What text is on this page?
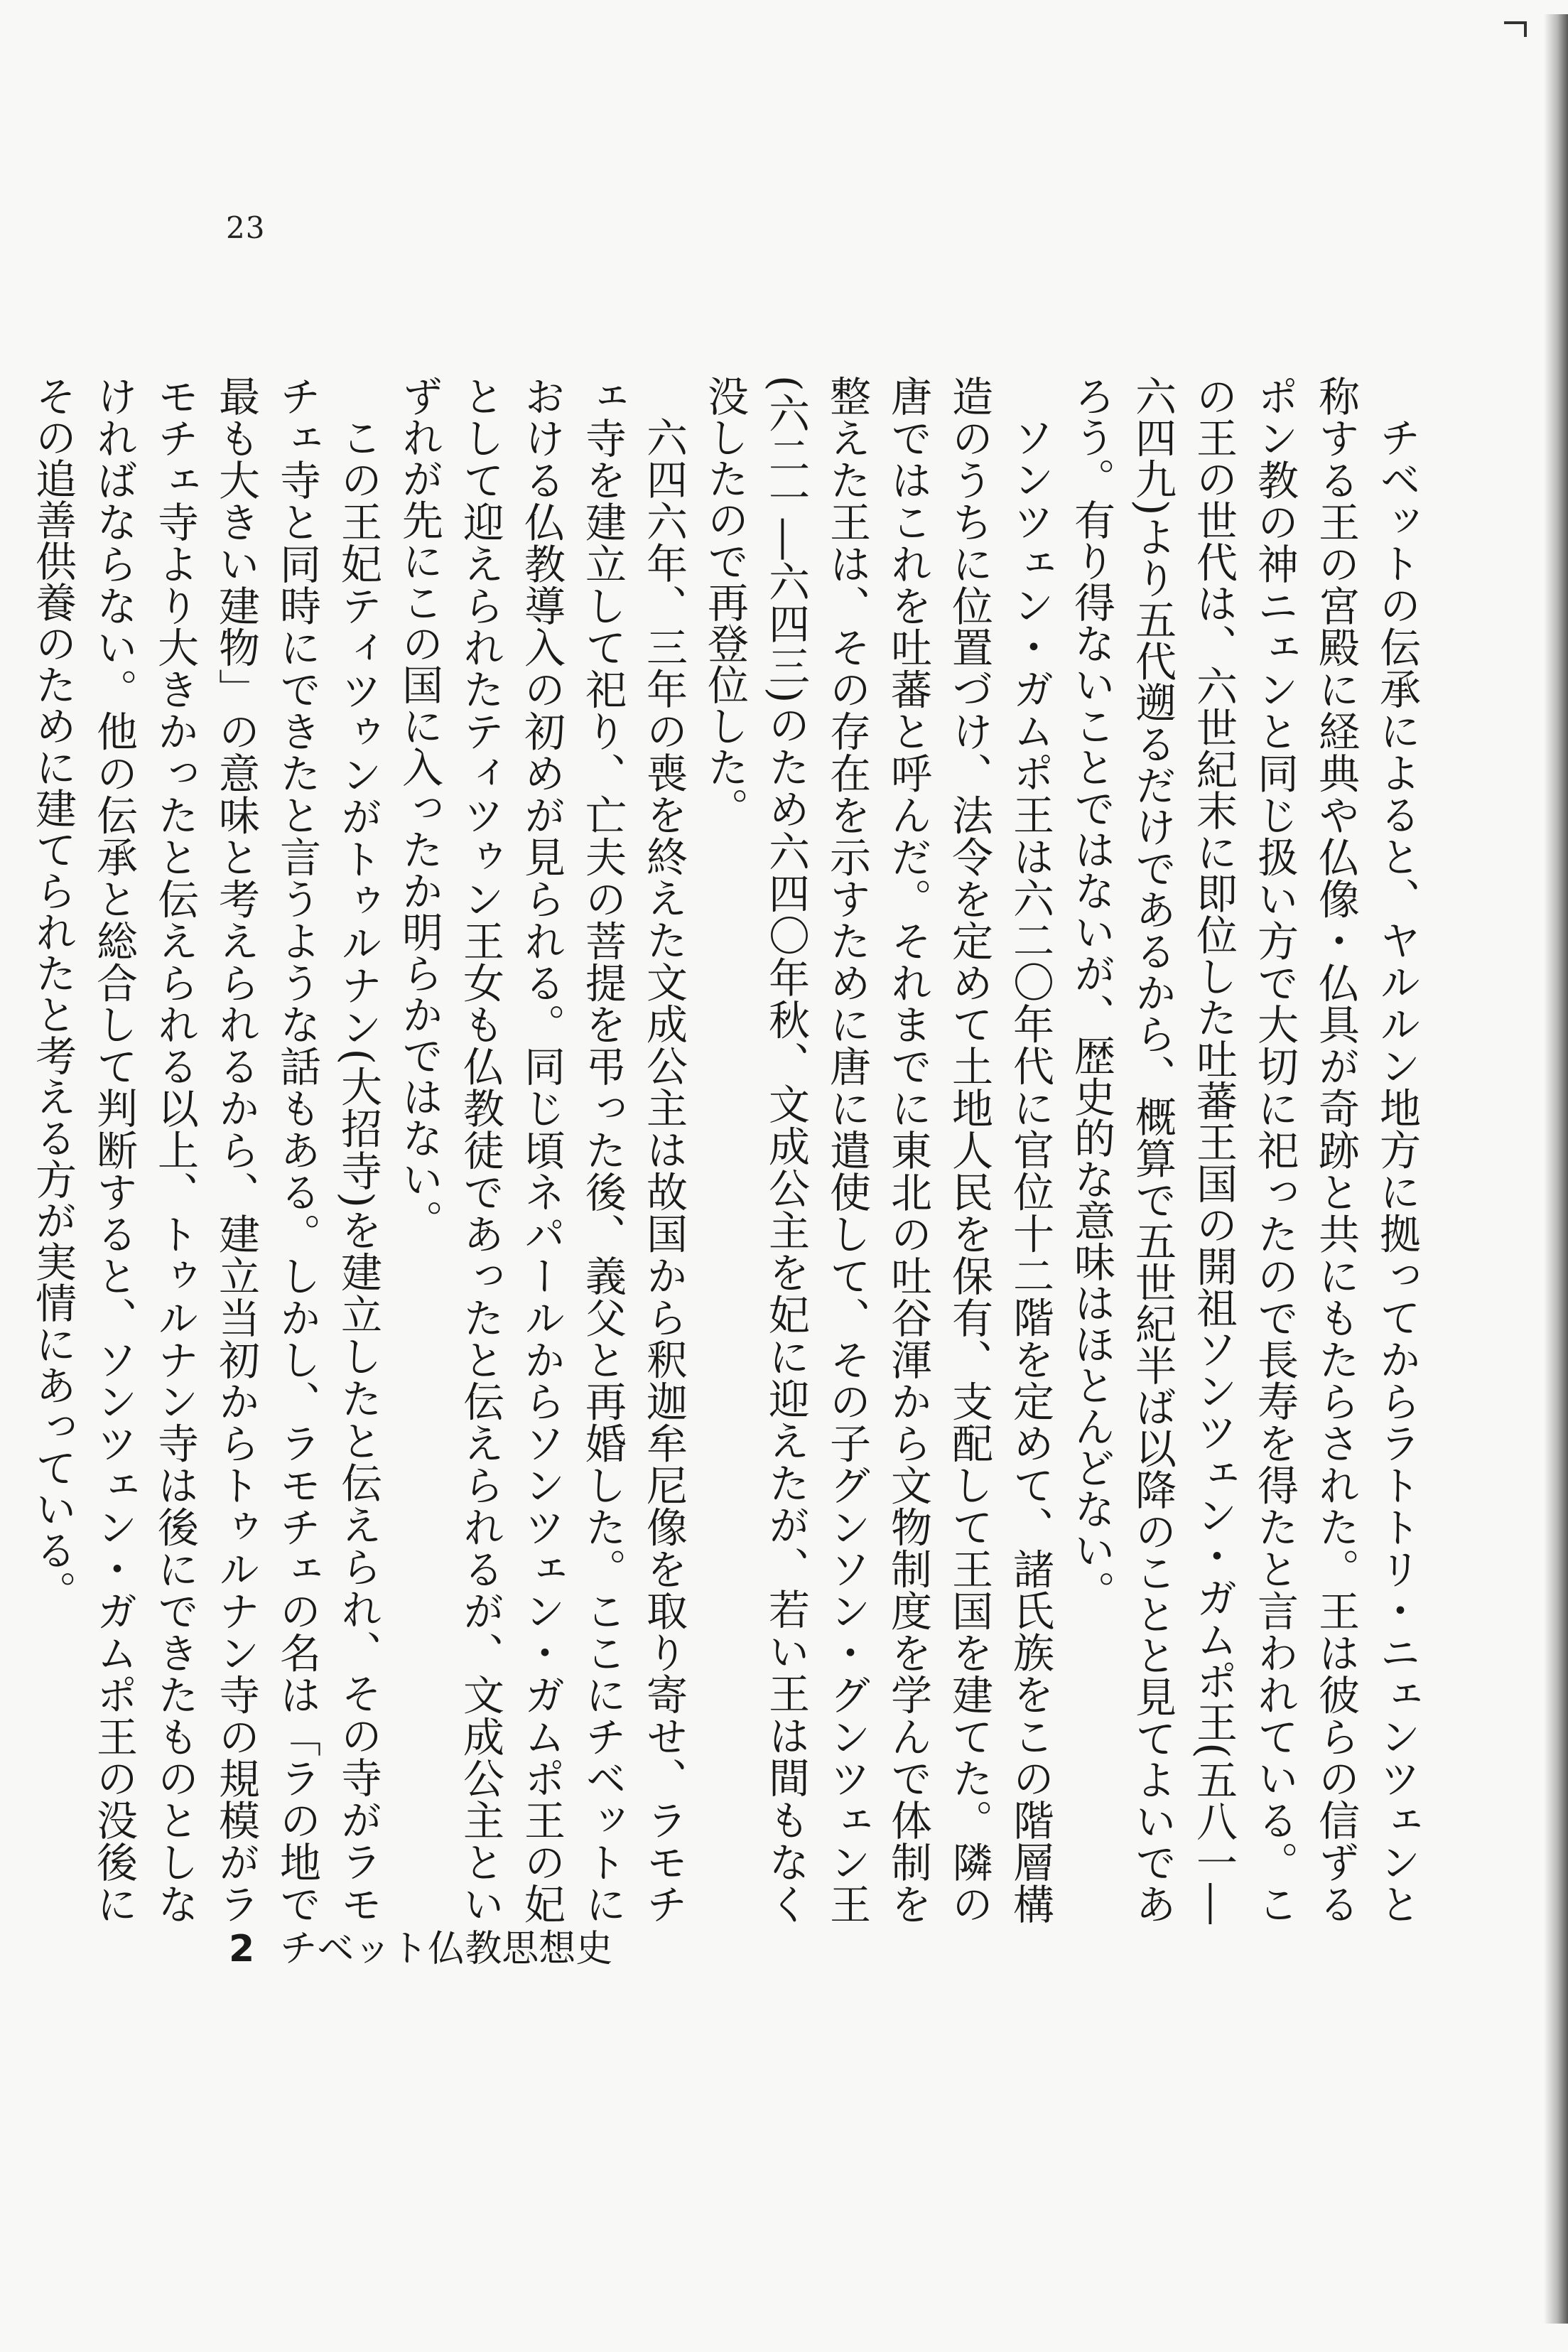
23

チベットの伝承によると、ヤルルン地方に拠ってからラトトリ・ニェンツェンと称する王の宮殿に経典や仏像・仏具が奇跡と共にもたらされた。王は彼らの信ずるポン教の神ニェンと同じ扱い方で大切に祀ったので長寿を得たと言われている。この王の世代は、六世紀末に即位した吐蕃王国の開祖ソンツェン・ガムポ王(五八一―六四九)より五代遡るだけであるから、概算で五世紀半ば以降のことと見てよいであろう。有り得ないことではないが、歴史的な意味はほとんどない。

ソンツェン・ガムポ王は六二〇年代に官位十二階を定めて、諸氏族をこの階層構造のうちに位置づけ、法令を定めて土地人民を保有、支配して王国を建てた。隣の唐ではこれを吐蕃と呼んだ。それまでに東北の吐谷渾から文物制度を学んで体制を整えた王は、その存在を示すために唐に遣使して、その子グンソン・グンツェン王(六二一―六四三)のため六四〇年秋、文成公主を妃に迎えたが、若い王は間もなく没したので再登位した。

六四六年、三年の喪を終えた文成公主は故国から釈迦牟尼像を取り寄せ、ラモチェ寺を建立して祀り、亡夫の菩提を弔った後、義父と再婚した。ここにチベットにおける仏教導入の初めが見られる。同じ頃ネパールからソンツェン・ガムポ王の妃として迎えられたティツゥン王女も仏教徒であったと伝えられるが、文成公主といずれが先にこの国に入ったか明らかではない。

この王妃ティツゥンがトゥルナン(大招寺)を建立したと伝えられ、その寺がラモチェ寺と同時にできたと言うような話もある。しかし、ラモチェの名は「ラの地で最も大きい建物」の意味と考えられるから、建立当初からトゥルナン寺の規模がラモチェ寺より大きかったと伝えられる以上、トゥルナン寺は後にできたものとしなければならない。他の伝承と総合して判断すると、ソンツェン・ガムポ王の没後にその追善供養のために建てられたと考える方が実情にあっている。

2 チベット仏教思想史
